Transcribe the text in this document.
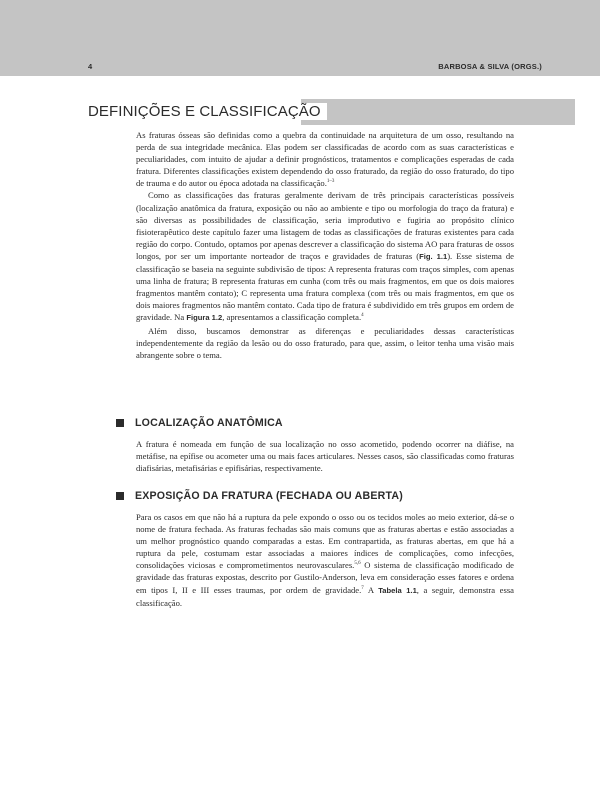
4	BARBOSA & SILVA (ORGS.)
DEFINIÇÕES E CLASSIFICAÇÃO

As fraturas ósseas são definidas como a quebra da continuidade na arquitetura de um osso, resultando na perda de sua integridade mecânica. Elas podem ser classificadas de acordo com as suas características e peculiaridades, com intuito de ajudar a definir prognósticos, tratamentos e complicações esperadas de cada fratura. Diferentes classificações existem dependendo do osso fraturado, da região do osso fraturado, do tipo de trauma e do autor ou época adotada na classificação.$^{1-3}$

Como as classificações das fraturas geralmente derivam de três principais características possíveis (localização anatômica da fratura, exposição ou não ao ambiente e tipo ou morfologia do traço da fratura) e são diversas as possibilidades de classificação, seria improdutivo e fugiria ao propósito clínico fisioterapêutico deste capítulo fazer uma listagem de todas as classificações de fraturas existentes para cada região do corpo. Contudo, optamos por apenas descrever a classificação do sistema AO para fraturas de ossos longos, por ser um importante norteador de traços e gravidades de fraturas (Fig. 1.1). Esse sistema de classificação se baseia na seguinte subdivisão de tipos: A representa fraturas com traços simples, com apenas uma linha de fratura; B representa fraturas em cunha (com três ou mais fragmentos, em que os dois maiores fragmentos mantêm contato); C representa uma fratura complexa (com três ou mais fragmentos, em que os dois maiores fragmentos não mantêm contato. Cada tipo de fratura é subdividido em três grupos em ordem de gravidade. Na Figura 1.2, apresentamos a classificação completa.$^4$

Além disso, buscamos demonstrar as diferenças e peculiaridades dessas características independentemente da região da lesão ou do osso fraturado, para que, assim, o leitor tenha uma visão mais abrangente sobre o tema.

LOCALIZAÇÃO ANATÔMICA

A fratura é nomeada em função de sua localização no osso acometido, podendo ocorrer na diáfise, na metáfise, na epífise ou acometer uma ou mais faces articulares. Nesses casos, são classificadas como fraturas diafisárias, metafisárias e epifisárias, respectivamente.

EXPOSIÇÃO DA FRATURA (FECHADA OU ABERTA)

Para os casos em que não há a ruptura da pele expondo o osso ou os tecidos moles ao meio exterior, dá-se o nome de fratura fechada. As fraturas fechadas são mais comuns que as fraturas abertas e estão associadas a um melhor prognóstico quando comparadas a estas. Em contrapartida, as fraturas abertas, em que há a ruptura da pele, costumam estar associadas a maiores índices de complicações, como infecções, consolidações viciosas e comprometimentos neurovasculares.$^{5,6}$ O sistema de classificação modificado de gravidade das fraturas expostas, descrito por Gustilo-Anderson, leva em consideração esses fatores e ordena em tipos I, II e III esses traumas, por ordem de gravidade.$^7$ A Tabela 1.1, a seguir, demonstra essa classificação.
